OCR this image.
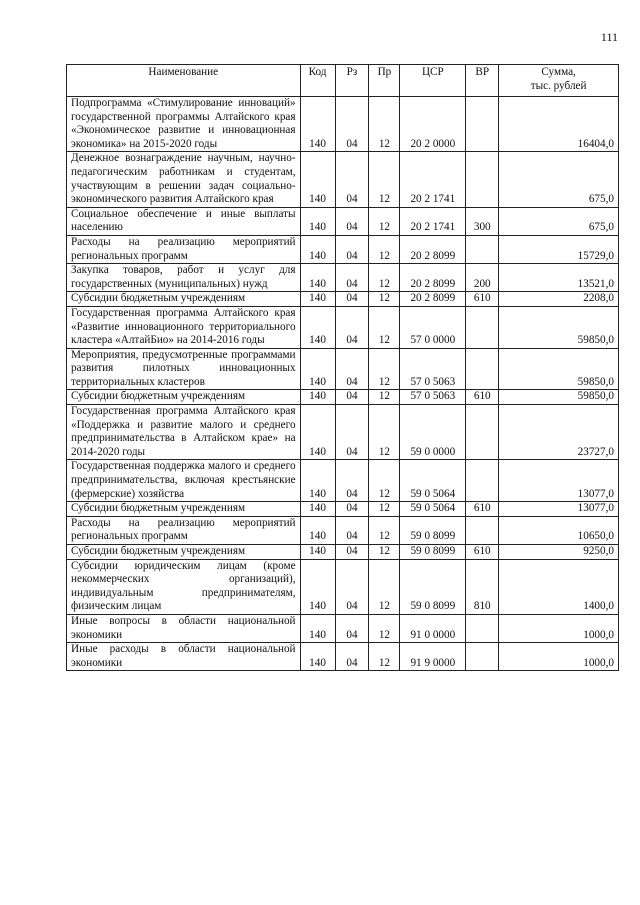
111
Наименование	Код	Рз	Пр	ЦСР	ВР	Сумма,
тыс. рублей
Подпрограмма «Стимулирование инноваций» государственной программы Алтайского края «Экономическое развитие и инновационная экономика» на 2015-2020 годы	140	04	12	20 2 0000		16404,0
Денежное вознаграждение научным, научно-педагогическим работникам и студентам, участвующим в решении задач социально-экономического развития Алтайского края	140	04	12	20 2 1741		675,0
Социальное обеспечение и иные выплаты населению	140	04	12	20 2 1741	300	675,0
Расходы на реализацию мероприятий региональных программ	140	04	12	20 2 8099		15729,0
Закупка товаров, работ и услуг для государственных (муниципальных) нужд	140	04	12	20 2 8099	200	13521,0
Субсидии бюджетным учреждениям	140	04	12	20 2 8099	610	2208,0
Государственная программа Алтайского края «Развитие инновационного территориального кластера «АлтайБио» на 2014-2016 годы	140	04	12	57 0 0000		59850,0
Мероприятия, предусмотренные программами развития пилотных инновационных территориальных кластеров	140	04	12	57 0 5063		59850,0
Субсидии бюджетным учреждениям	140	04	12	57 0 5063	610	59850,0
Государственная программа Алтайского края «Поддержка и развитие малого и среднего предпринимательства в Алтайском крае» на 2014-2020 годы	140	04	12	59 0 0000		23727,0
Государственная поддержка малого и среднего предпринимательства, включая крестьянские (фермерские) хозяйства	140	04	12	59 0 5064		13077,0
Субсидии бюджетным учреждениям	140	04	12	59 0 5064	610	13077,0
Расходы на реализацию мероприятий региональных программ	140	04	12	59 0 8099		10650,0
Субсидии бюджетным учреждениям	140	04	12	59 0 8099	610	9250,0
Субсидии юридическим лицам (кроме некоммерческих организаций), индивидуальным предпринимателям, физическим лицам	140	04	12	59 0 8099	810	1400,0
Иные вопросы в области национальной экономики	140	04	12	91 0 0000		1000,0
Иные расходы в области национальной экономики	140	04	12	91 9 0000		1000,0
